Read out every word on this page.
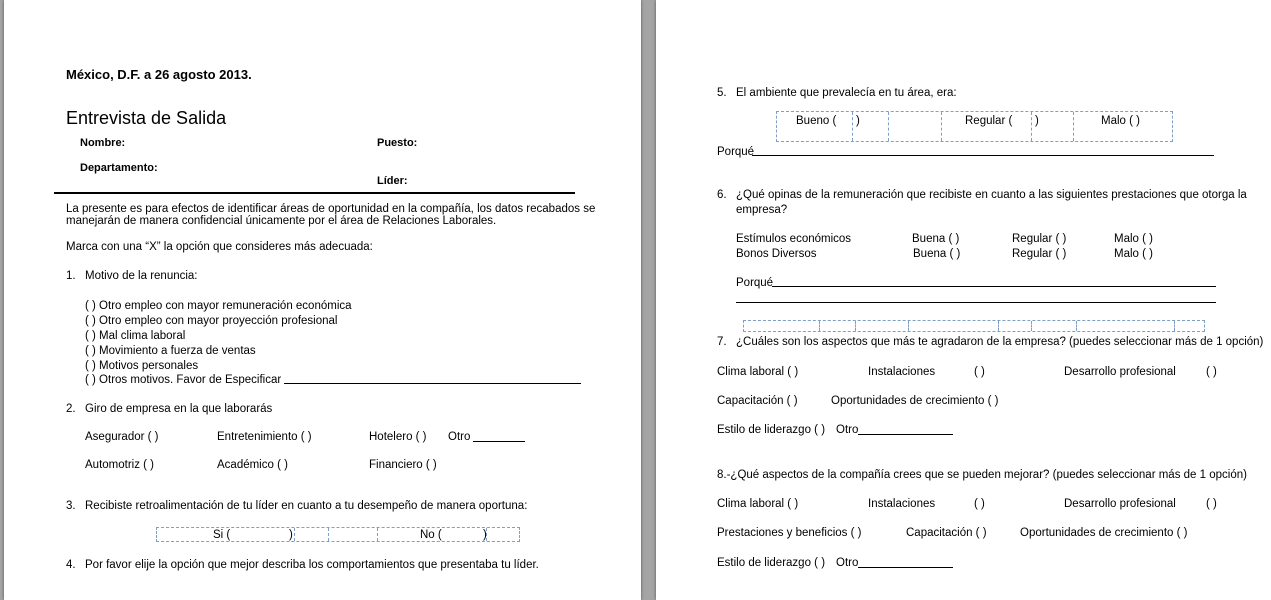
México, D.F. a 26 agosto 2013.
Entrevista de Salida
Nombre:	Puesto:
Departamento:
Líder:
La presente es para efectos de identificar áreas de oportunidad en la compañía, los datos recabados se
manejarán de manera confidencial únicamente por el área de Relaciones Laborales.
Marca con una “X” la opción que consideres más adecuada:
1. Motivo de la renuncia:
( ) Otro empleo con mayor remuneración económica
( ) Otro empleo con mayor proyección profesional
( ) Mal clima laboral
( ) Movimiento a fuerza de ventas
( ) Motivos personales
( ) Otros motivos. Favor de Especificar
2. Giro de empresa en la que laborarás
Asegurador ( )	Entretenimiento ( )	Hotelero ( ) Otro
Automotriz ( )	Académico ( )	Financiero ( )
3. Recibiste retroalimentación de tu líder en cuanto a tu desempeño de manera oportuna:
Si (	)	No (	)
4. Por favor elije la opción que mejor describa los comportamientos que presentaba tu líder.
5. El ambiente que prevalecía en tu área, era:
Bueno ( )	Regular ( )	Malo ( )
Porqué
6. ¿Qué opinas de la remuneración que recibiste en cuanto a las siguientes prestaciones que otorga la
empresa?
Estímulos económicos	Buena ( )	Regular ( )	Malo ( )
Bonos Diversos	Buena ( )	Regular ( )	Malo ( )
Porqué
7. ¿Cuáles son los aspectos que más te agradaron de la empresa? (puedes seleccionar más de 1 opción)
Clima laboral ( )	Instalaciones	( )	Desarrollo profesional	( )
Capacitación ( )	Oportunidades de crecimiento ( )
Estilo de liderazgo ( ) Otro
8.-¿Qué aspectos de la compañía crees que se pueden mejorar? (puedes seleccionar más de 1 opción)
Clima laboral ( )	Instalaciones	( )	Desarrollo profesional	( )
Prestaciones y beneficios ( )	Capacitación ( )	Oportunidades de crecimiento ( )
Estilo de liderazgo ( ) Otro
